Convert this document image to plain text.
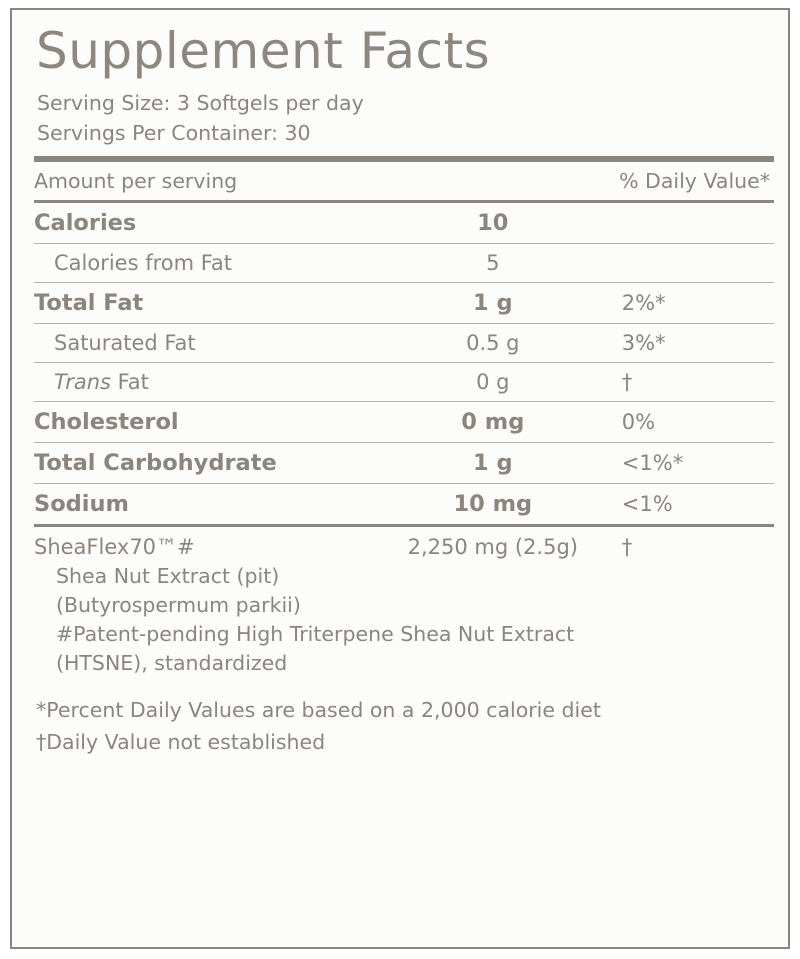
Supplement Facts
Serving Size: 3 Softgels per day
Servings Per Container: 30
Amount per serving		% Daily Value*

Calories	10	

Calories from Fat	5	

Total Fat	1 g	2%*

Saturated Fat	0.5 g	3%*

Trans Fat	0 g	†

Cholesterol	0 mg	0%

Total Carbohydrate	1 g	<1%*

Sodium	10 mg	<1%

SheaFlex70™#	2,250 mg (2.5g)	†
Shea Nut Extract (pit)
(Butyrospermum parkii)
#Patent-pending High Triterpene Shea Nut Extract
(HTSNE), standardized
*Percent Daily Values are based on a 2,000 calorie diet
†Daily Value not established
